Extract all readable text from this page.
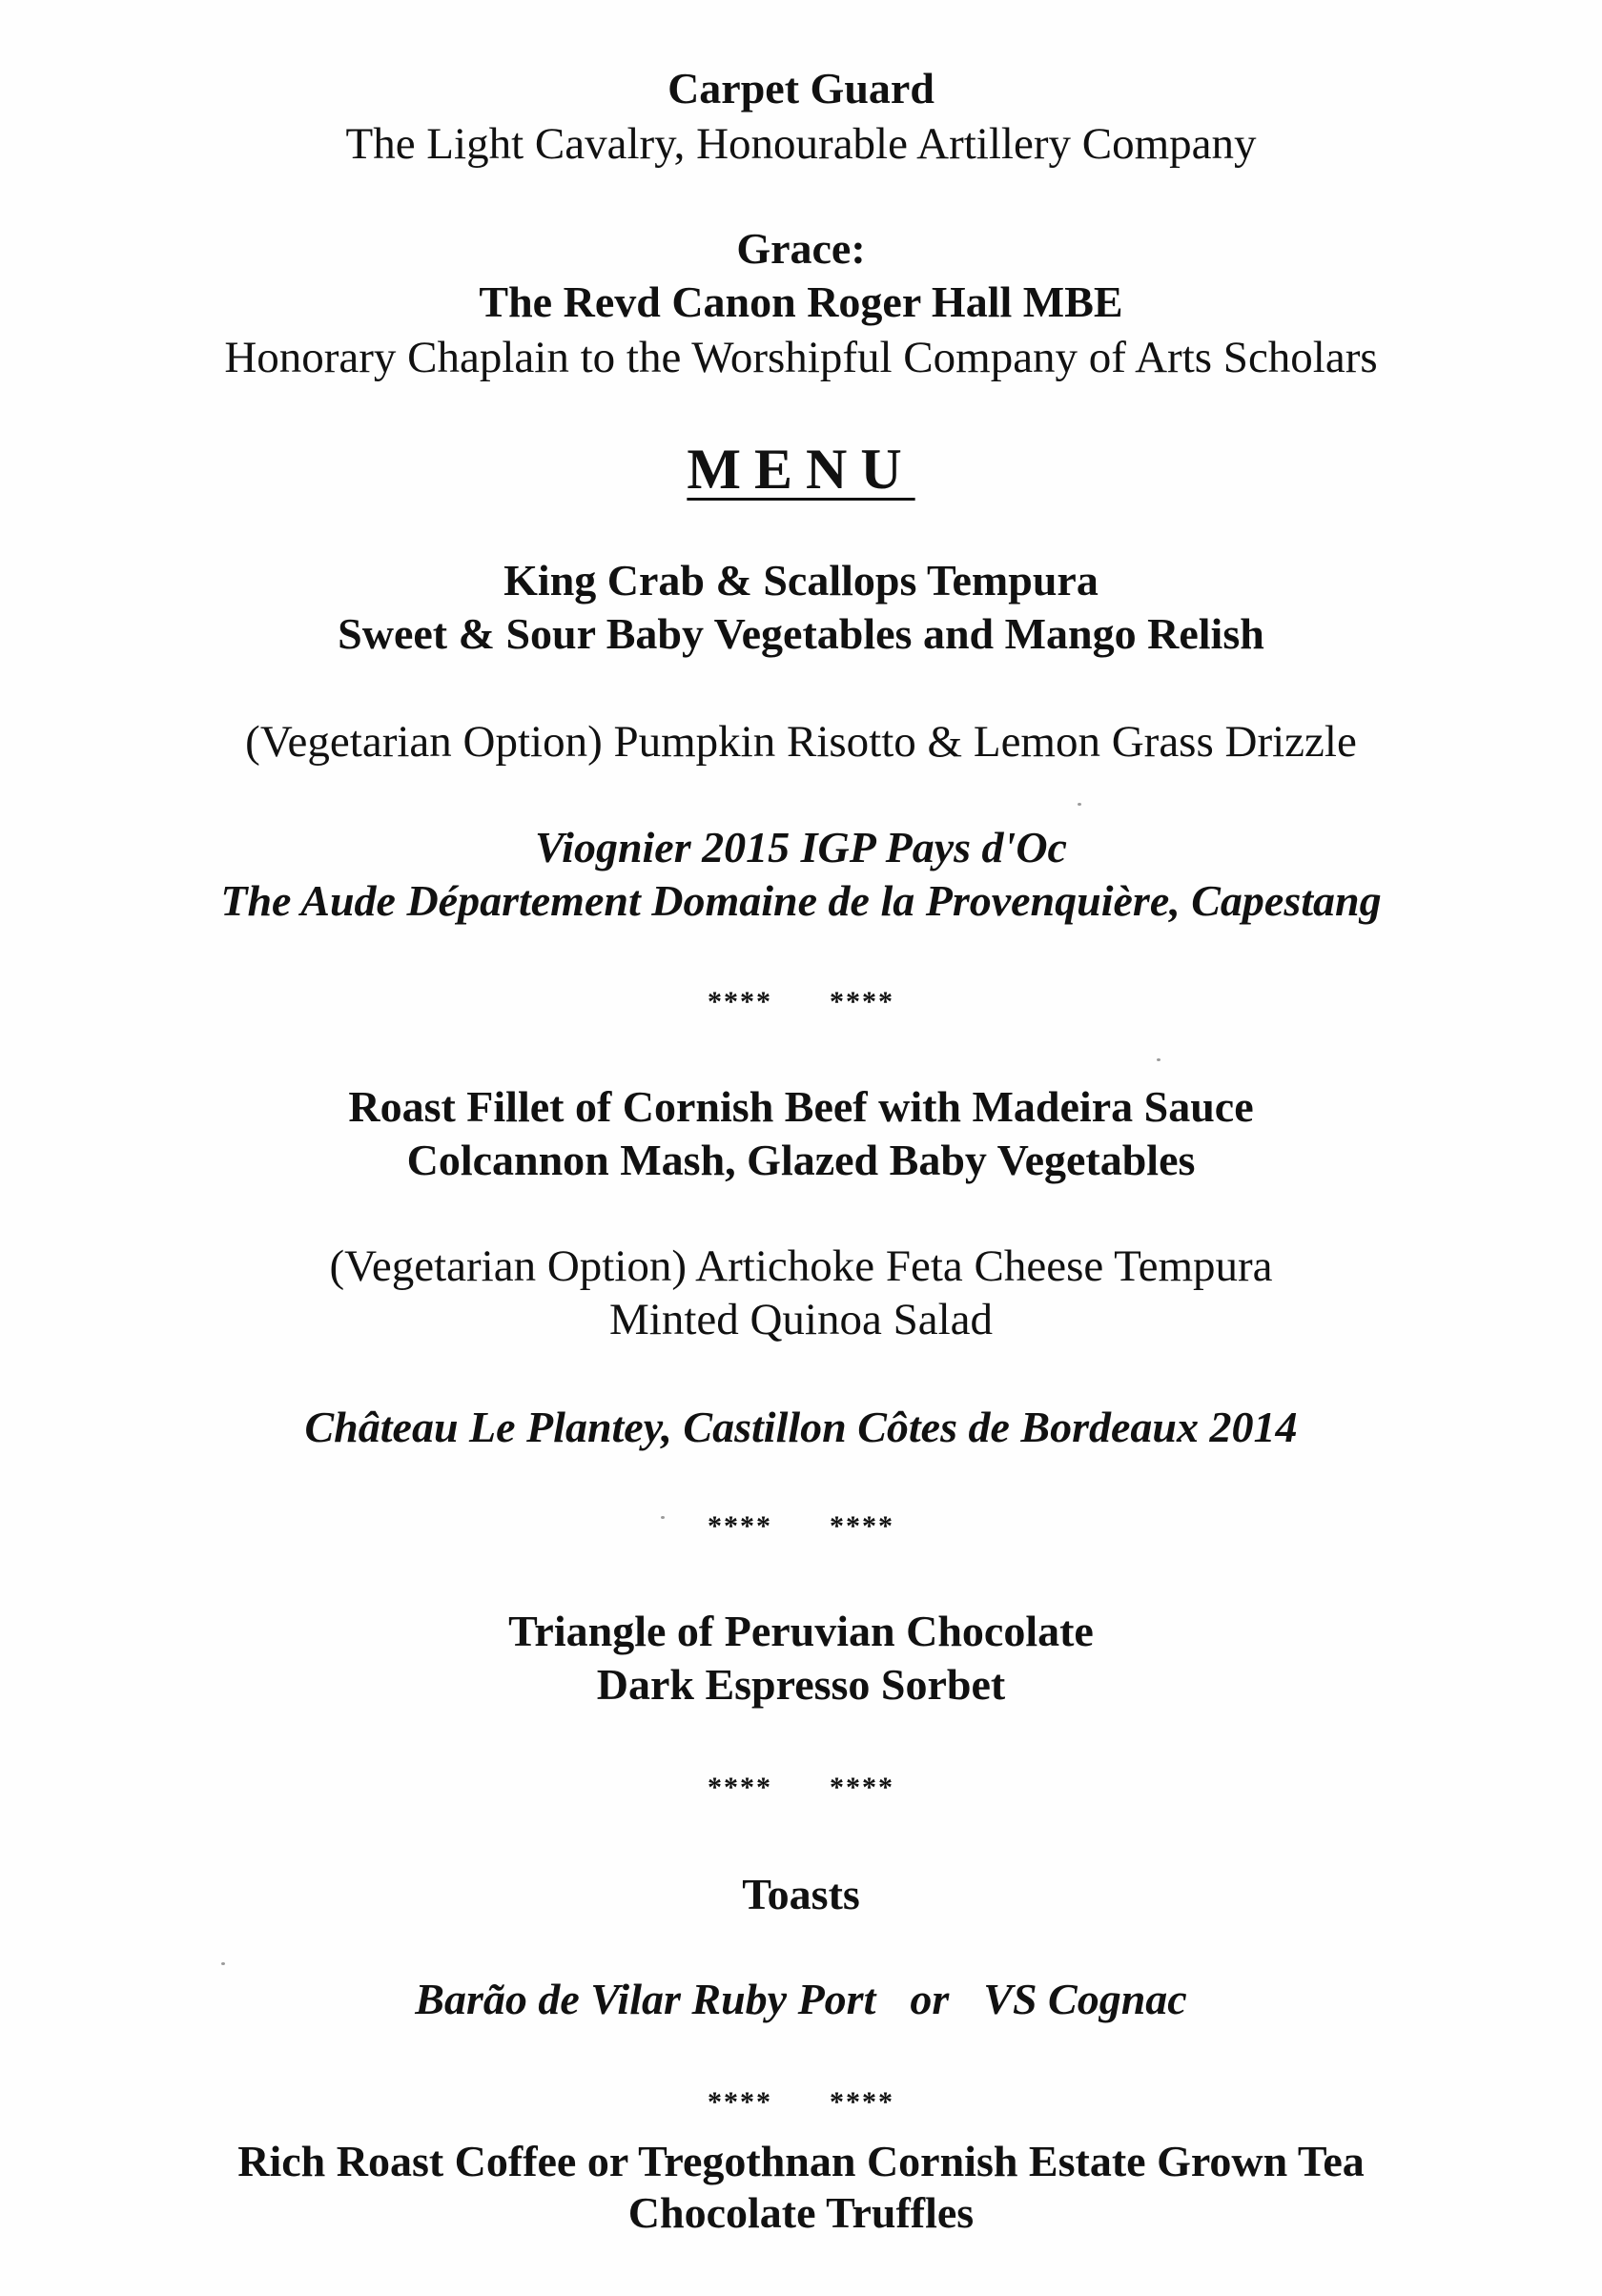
Carpet Guard
The Light Cavalry, Honourable Artillery Company
Grace:
The Revd Canon Roger Hall MBE
Honorary Chaplain to the Worshipful Company of Arts Scholars
MENU
King Crab & Scallops Tempura
Sweet & Sour Baby Vegetables and Mango Relish
(Vegetarian Option) Pumpkin Risotto & Lemon Grass Drizzle
Viognier 2015 IGP Pays d'Oc
The Aude Département Domaine de la Provenquière, Capestang
**** ****
Roast Fillet of Cornish Beef with Madeira Sauce
Colcannon Mash, Glazed Baby Vegetables
(Vegetarian Option) Artichoke Feta Cheese Tempura
Minted Quinoa Salad
Château Le Plantey, Castillon Côtes de Bordeaux 2014
**** ****
Triangle of Peruvian Chocolate
Dark Espresso Sorbet
**** ****
Toasts
Barão de Vilar Ruby Port or VS Cognac
**** ****
Rich Roast Coffee or Tregothnan Cornish Estate Grown Tea
Chocolate Truffles
